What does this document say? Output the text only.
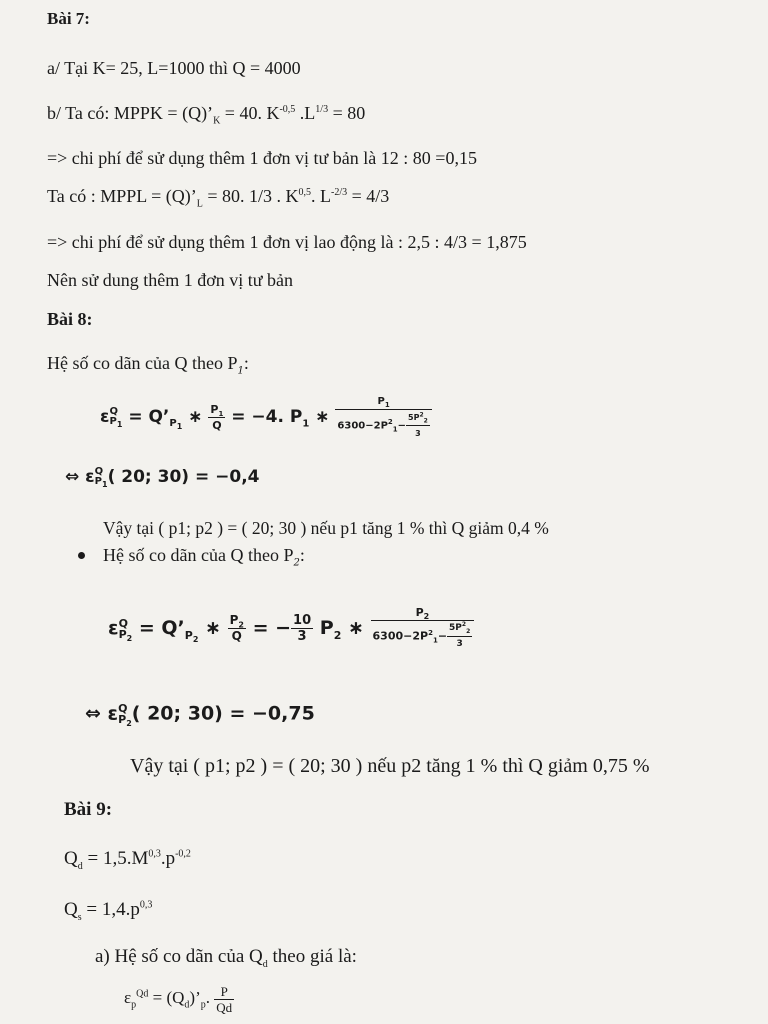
Bài 7:
a/ Tại K= 25, L=1000 thì Q = 4000
b/ Ta có: MPPK = $(Q)’_K = 40$. $K^{-0,5}$ $.L^{1/3} = 80$
=> chi phí để sử dụng thêm 1 đơn vị tư bản là 12 : 80 =0,15
Ta có : MPPL = $(Q)’_L = 80$. 1/3 . K$^{0,5}$. $L^{-2/3} = 4/3$
=> chi phí để sử dụng thêm 1 đơn vị lao động là : 2,5 : 4/3 = 1,875
Nên sử dung thêm 1 đơn vị tư bản
Bài 8:
Hệ số co dãn của Q theo $P_1$:
ε Q
$P_1$ = $Q’_{P_1}$ ∗ $\frac{P_1}{Q} = -4$. $P_1$ ∗ $\frac{P_1}{6300-2P^2_1- \frac{5P^2_2}{3}}$
⇔ ε Q
$P_1$ ( 20; 30) = −0,4
Vậy tại ( p1; p2 ) = ( 20; 30 ) nếu p1 tăng 1 % thì Q giảm 0,4 %
Hệ số co dãn của Q theo $P_2$:
ε Q
$P_2$ = $Q’_{P_2}$ ∗ $\frac{P_2}{Q}$ = − $\frac{10}{3} P_2$ ∗ $\frac{P_2}{6300-2P^2_1- \frac{5P^2_2}{3}}$
⇔ ε Q
$P_2$ ( 20; 30) = −0,75
Vậy tại ( p1; p2 ) = ( 20; 30 ) nếu p2 tăng 1 % thì Q giảm 0,75 %
Bài 9:
$Q_d = 1,5.M^{0,3}.p^{-0,2}$
$Q_s = 1,4.p^{0,3}$
a) Hệ số co dãn của $Q_d$ theo giá là:
$\varepsilon_p^{Qd}$ = $(Q_d)’_p$. $\frac{P}{Qd}$
